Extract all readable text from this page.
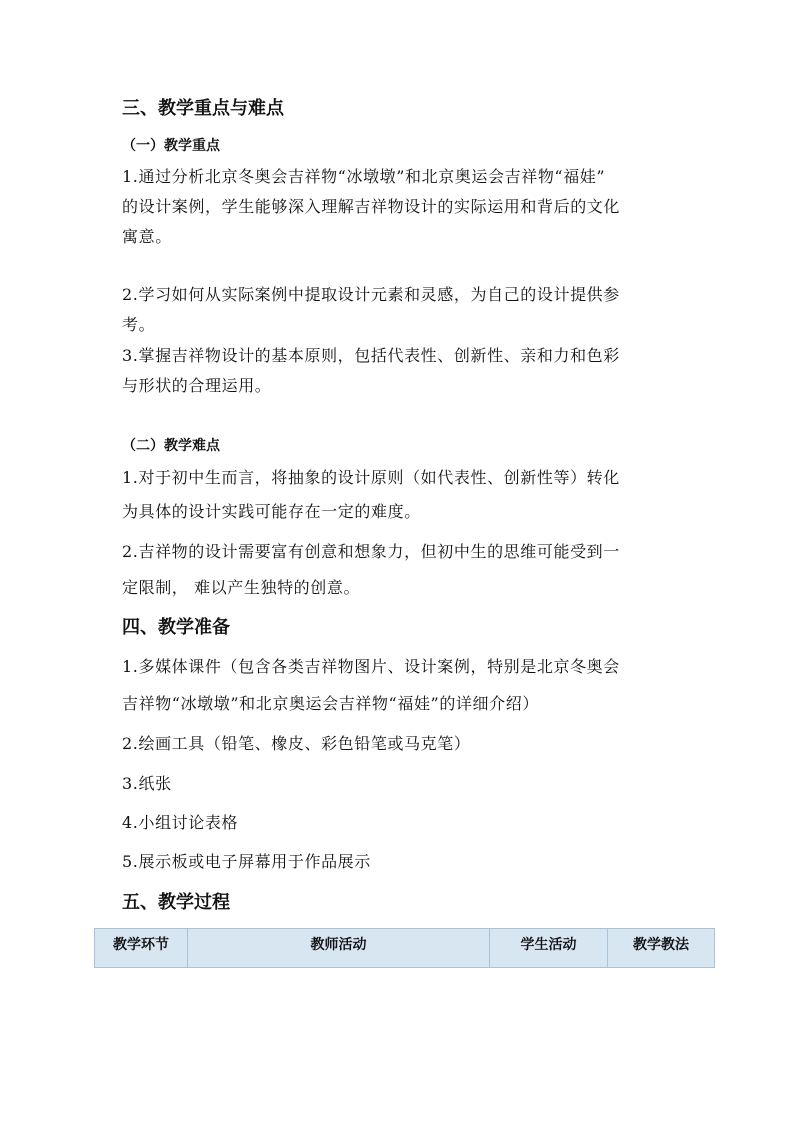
三、教学重点与难点
（一）教学重点
1.通过分析北京冬奥会吉祥物“冰墩墩”和北京奥运会吉祥物“福娃”
的设计案例，学生能够深入理解吉祥物设计的实际运用和背后的文化
寓意。
2.学习如何从实际案例中提取设计元素和灵感，为自己的设计提供参
考。
3.掌握吉祥物设计的基本原则，包括代表性、创新性、亲和力和色彩
与形状的合理运用。
（二）教学难点
1.对于初中生而言，将抽象的设计原则（如代表性、创新性等）转化
为具体的设计实践可能存在一定的难度。
2.吉祥物的设计需要富有创意和想象力，但初中生的思维可能受到一
定限制， 难以产生独特的创意。
四、教学准备
1.多媒体课件（包含各类吉祥物图片、设计案例，特别是北京冬奥会
吉祥物“冰墩墩”和北京奥运会吉祥物“福娃”的详细介绍）
2.绘画工具（铅笔、橡皮、彩色铅笔或马克笔）
3.纸张
4.小组讨论表格
5.展示板或电子屏幕用于作品展示
五、教学过程
教学环节	教师活动	学生活动	教学教法
